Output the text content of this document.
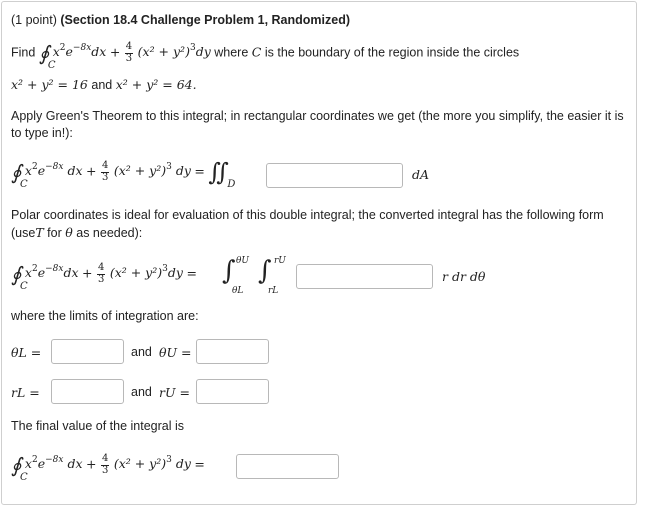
(1 point) (Section 18.4 Challenge Problem 1, Randomized)
Find ∮
C
$x^2e^{-8x}dx + \frac{4}{3} (x^2 + y^2)^3dy$ where C is the boundary of the region inside the circles
x² + y² = 16 and x² + y² = 64.
Apply Green's Theorem to this integral; in rectangular coordinates we get (the more you simplify, the easier it is to type in!):
∮
C
$x^2e^{-8x}$ dx + $\frac{4}{3} (x^2 + y^2)^3$ dy = ∬
D
dA
Polar coordinates is ideal for evaluation of this double integral; the converted integral has the following form (useT for θ as needed):
∮
C
$x^2e^{-8x}dx + \frac{4}{3} (x^2 + y^2)^3dy$ = ∫ θU
θL
∫ rU
rL
r dr dθ
where the limits of integration are:
θL =	and θU =
rL =	and rU =
The final value of the integral is
∮
C
$x^2e^{-8x}$ dx + $\frac{4}{3} (x^2 + y^2)^3$ dy =
